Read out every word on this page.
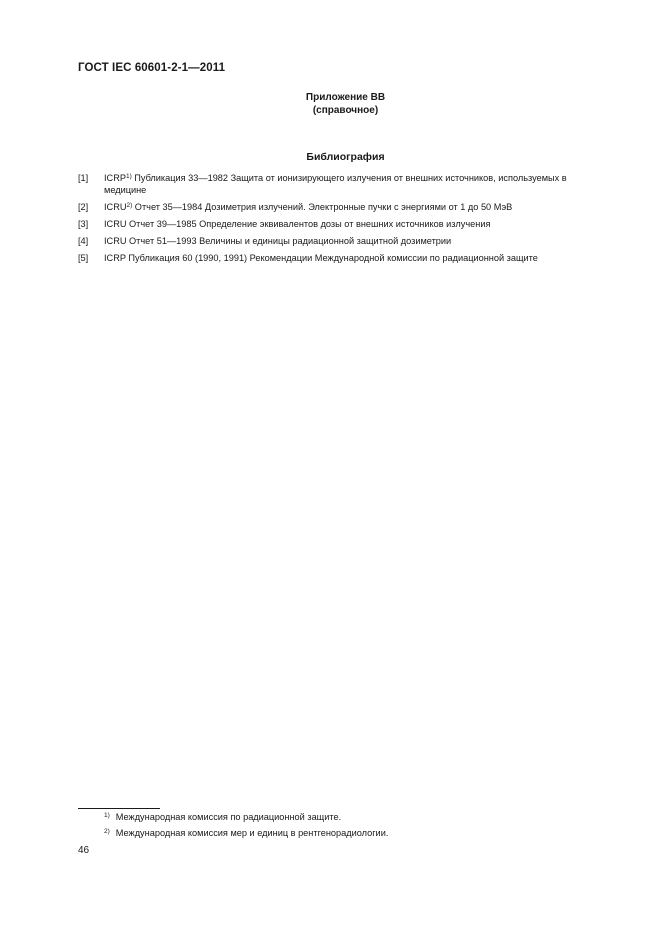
ГОСТ IEC 60601-2-1—2011
Приложение ВВ
(справочное)
Библиография
[1] ICRP$^{1)}$ Публикация 33—1982 Защита от ионизирующего излучения от внешних источников, используемых в медицине
[2] ICRU$^{2)}$ Отчет 35—1984 Дозиметрия излучений. Электронные пучки с энергиями от 1 до 50 МэВ
[3] ICRU Отчет 39—1985 Определение эквивалентов дозы от внешних источников излучения
[4] ICRU Отчет 51—1993 Величины и единицы радиационной защитной дозиметрии
[5] ICRP Публикация 60 (1990, 1991) Рекомендации Международной комиссии по радиационной защите
$^{1)}$ Международная комиссия по радиационной защите.
$^{2)}$ Международная комиссия мер и единиц в рентгенорадиологии.
46
